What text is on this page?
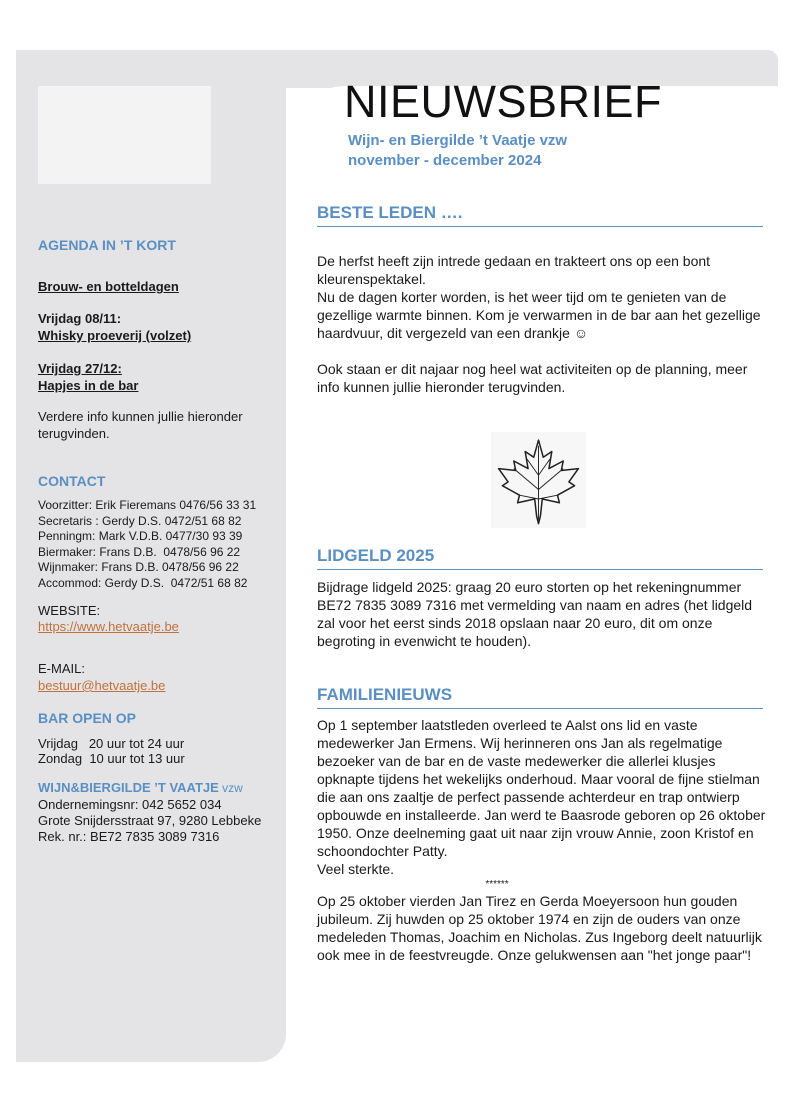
NIEUWSBRIEF
Wijn- en Biergilde ’t Vaatje vzw
november - december 2024
AGENDA IN ’T KORT
Brouw- en botteldagen
Vrijdag 08/11:
Whisky proeverij (volzet)
Vrijdag 27/12:
Hapjes in de bar
Verdere info kunnen jullie hieronder terugvinden.
CONTACT
Voorzitter: Erik Fieremans 0476/56 33 31
Secretaris : Gerdy D.S. 0472/51 68 82
Penningm: Mark V.D.B. 0477/30 93 39
Biermaker: Frans D.B.  0478/56 96 22
Wijnmaker: Frans D.B. 0478/56 96 22
Accommod: Gerdy D.S.  0472/51 68 82
WEBSITE:
https://www.hetvaatje.be
E-MAIL:
bestuur@hetvaatje.be
BAR OPEN OP
Vrijdag   20 uur tot 24 uur
Zondag  10 uur tot 13 uur
WIJN&BIERGILDE ’T VAATJE vzw
Ondernemingsnr: 042 5652 034
Grote Snijdersstraat 97, 9280 Lebbeke
Rek. nr.: BE72 7835 3089 7316
BESTE LEDEN ….

De herfst heeft zijn intrede gedaan en trakteert ons op een bont kleurenspektakel.

Nu de dagen korter worden, is het weer tijd om te genieten van de gezellige warmte binnen. Kom je verwarmen in de bar aan het gezellige haardvuur, dit vergezeld van een drankje ☺

Ook staan er dit najaar nog heel wat activiteiten op de planning, meer info kunnen jullie hieronder terugvinden.

LIDGELD 2025
Bijdrage lidgeld 2025: graag 20 euro storten op het rekeningnummer BE72 7835 3089 7316 met vermelding van naam en adres (het lidgeld zal voor het eerst sinds 2018 opslaan naar 20 euro, dit om onze begroting in evenwicht te houden).
FAMILIENIEUWS

Op 1 september laatstleden overleed te Aalst ons lid en vaste medewerker Jan Ermens. Wij herinneren ons Jan als regelmatige bezoeker van de bar en de vaste medewerker die allerlei klusjes opknapte tijdens het wekelijks onderhoud. Maar vooral de fijne stielman die aan ons zaaltje de perfect passende achterdeur en trap ontwierp opbouwde en installeerde. Jan werd te Baasrode geboren op 26 oktober 1950. Onze deelneming gaat uit naar zijn vrouw Annie, zoon Kristof en schoondochter Patty.

Veel sterkte.

******

Op 25 oktober vierden Jan Tirez en Gerda Moeyersoon hun gouden jubileum. Zij huwden op 25 oktober 1974 en zijn de ouders van onze medeleden Thomas, Joachim en Nicholas. Zus Ingeborg deelt natuurlijk ook mee in de feestvreugde. Onze gelukwensen aan "het jonge paar"!
